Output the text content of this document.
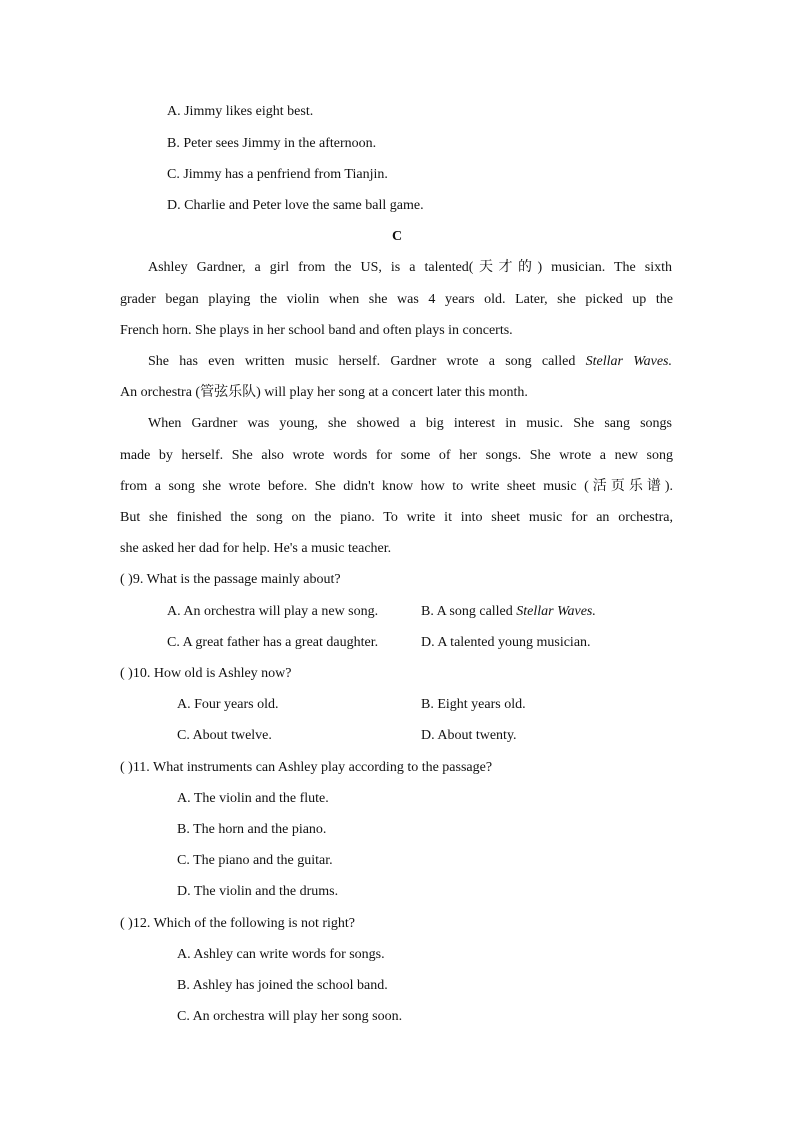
A. Jimmy likes eight best.
B. Peter sees Jimmy in the afternoon.
C. Jimmy has a penfriend from Tianjin.
D. Charlie and Peter love the same ball game.
C
Ashley Gardner, a girl from the US, is a talented(天才的) musician. The sixth
grader began playing the violin when she was 4 years old. Later, she picked up the
French horn. She plays in her school band and often plays in concerts.
She has even written music herself. Gardner wrote a song called Stellar Waves.
An orchestra (管弦乐队) will play her song at a concert later this month.
When Gardner was young, she showed a big interest in music. She sang songs
made by herself. She also wrote words for some of her songs. She wrote a new song
from a song she wrote before. She didn't know how to write sheet music (活页乐谱).
But she finished the song on the piano. To write it into sheet music for an orchestra,
she asked her dad for help. He's a music teacher.
( )9. What is the passage mainly about?
A. An orchestra will play a new song.	B. A song called Stellar Waves.
C. A great father has a great daughter.	D. A talented young musician.
( )10. How old is Ashley now?
A. Four years old.	B. Eight years old.
C. About twelve.	D. About twenty.
( )11. What instruments can Ashley play according to the passage?
A. The violin and the flute.
B. The horn and the piano.
C. The piano and the guitar.
D. The violin and the drums.
( )12. Which of the following is not right?
A. Ashley can write words for songs.
B. Ashley has joined the school band.
C. An orchestra will play her song soon.
